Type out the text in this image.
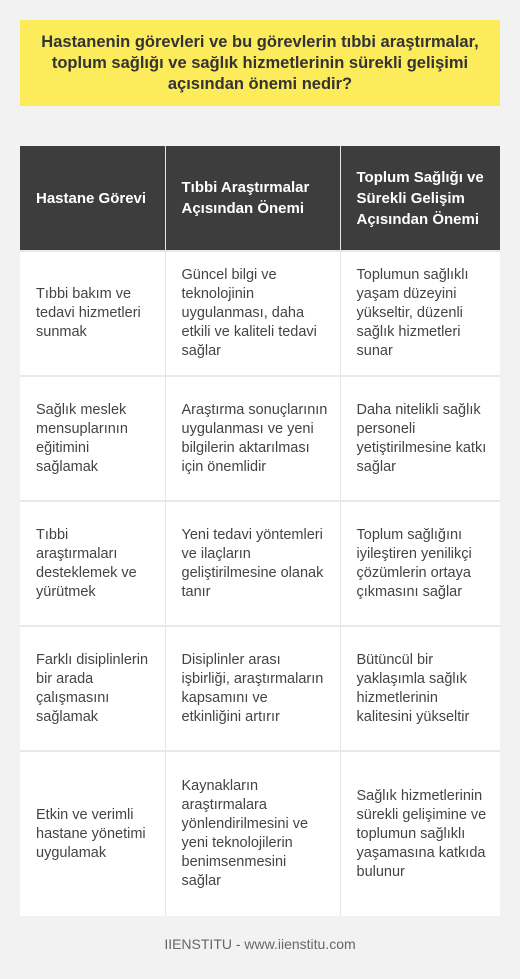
Hastanenin görevleri ve bu görevlerin tıbbi araştırmalar, toplum sağlığı ve sağlık hizmetlerinin sürekli gelişimi açısından önemi nedir?

Hastane Görevi	Tıbbi Araştırmalar Açısından Önemi	Toplum Sağlığı ve Sürekli Gelişim Açısından Önemi
Tıbbi bakım ve tedavi hizmetleri sunmak	Güncel bilgi ve teknolojinin uygulanması, daha etkili ve kaliteli tedavi sağlar	Toplumun sağlıklı yaşam düzeyini yükseltir, düzenli sağlık hizmetleri sunar
Sağlık meslek mensuplarının eğitimini sağlamak	Araştırma sonuçlarının uygulanması ve yeni bilgilerin aktarılması için önemlidir	Daha nitelikli sağlık personeli yetiştirilmesine katkı sağlar
Tıbbi araştırmaları desteklemek ve yürütmek	Yeni tedavi yöntemleri ve ilaçların geliştirilmesine olanak tanır	Toplum sağlığını iyileştiren yenilikçi çözümlerin ortaya çıkmasını sağlar
Farklı disiplinlerin bir arada çalışmasını sağlamak	Disiplinler arası işbirliği, araştırmaların kapsamını ve etkinliğini artırır	Bütüncül bir yaklaşımla sağlık hizmetlerinin kalitesini yükseltir
Etkin ve verimli hastane yönetimi uygulamak	Kaynakların araştırmalara yönlendirilmesini ve yeni teknolojilerin benimsenmesini sağlar	Sağlık hizmetlerinin sürekli gelişimine ve toplumun sağlıklı yaşamasına katkıda bulunur
IIENSTITU - www.iienstitu.com
